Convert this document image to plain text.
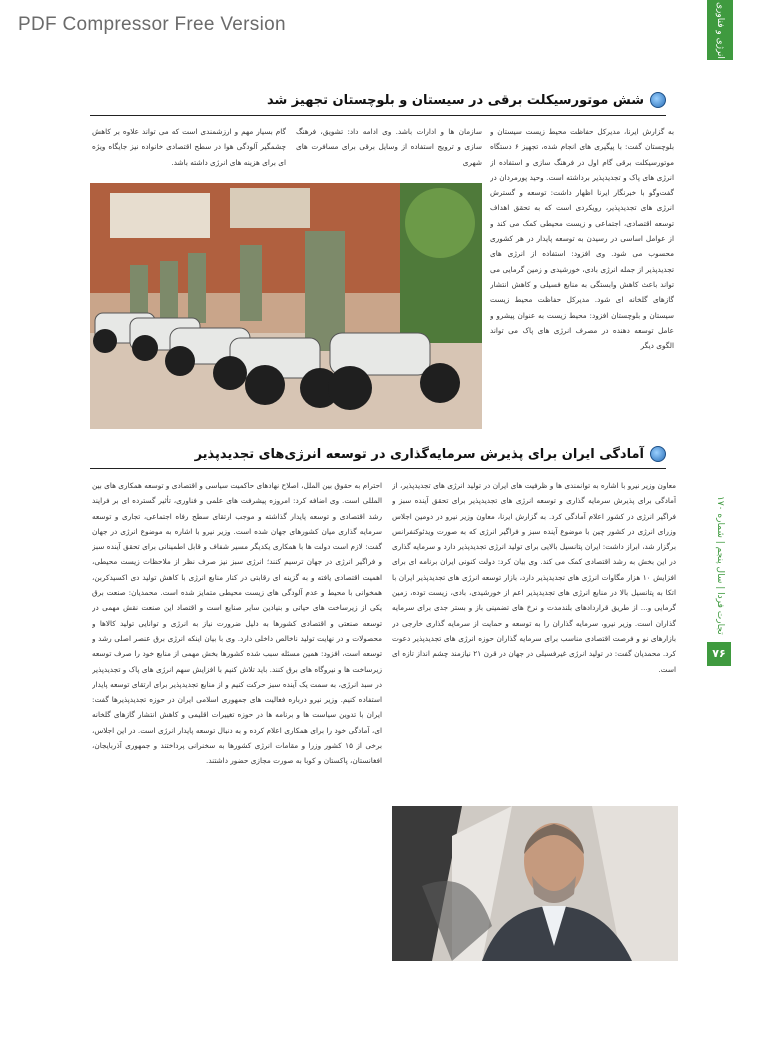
PDF Compressor Free Version	انرژی و فناوری
تجارت فردا | سال پنجم | شماره ۱۷۰
۷۶
شش موتورسیکلت برقی در سیستان و بلوچستان تجهیز شد

به گزارش ایرنا، مدیرکل حفاظت محیط زیست سیستان و بلوچستان گفت: با پیگیری های انجام شده، تجهیز ۶ دستگاه موتورسیکلت برقی گام اول در فرهنگ سازی و استفاده از انرژی های پاک و تجدیدپذیر برداشته است. وحید پورمردان در گفت‌وگو با خبرنگار ایرنا اظهار داشت: توسعه و گسترش انرژی های تجدیدپذیر، رویکردی است که به تحقق اهداف توسعه اقتصادی، اجتماعی و زیست محیطی کمک می کند و از عوامل اساسی در رسیدن به توسعه پایدار در هر کشوری محسوب می شود. وی افزود: استفاده از انرژی های تجدیدپذیر از جمله انرژی بادی، خورشیدی و زمین گرمایی می تواند باعث کاهش وابستگی به منابع فسیلی و کاهش انتشار گازهای گلخانه ای شود. مدیرکل حفاظت محیط زیست سیستان و بلوچستان افزود: محیط زیست به عنوان پیشرو و عامل توسعه دهنده در مصرف انرژی های پاک می تواند الگوی دیگر

سازمان ها و ادارات باشد. وی ادامه داد: تشویق، فرهنگ سازی و ترویج استفاده از وسایل برقی برای مسافرت های شهری

گام بسیار مهم و ارزشمندی است که می تواند علاوه بر کاهش چشمگیر آلودگی هوا در سطح اقتصادی خانواده نیز جایگاه ویژه ای برای هزینه های انرژی داشته باشد.

آمادگی ایران برای پذیرش سرمایه‌گذاری در توسعه انرژی‌های تجدیدپذیر

معاون وزیر نیرو با اشاره به توانمندی ها و ظرفیت های ایران در تولید انرژی های تجدیدپذیر، از آمادگی برای پذیرش سرمایه گذاری و توسعه انرژی های تجدیدپذیر برای تحقق آینده سبز و فراگیر انرژی در کشور اعلام آمادگی کرد. به گزارش ایرنا، معاون وزیر نیرو در دومین اجلاس وزرای انرژی در کشور چین با موضوع آینده سبز و فراگیر انرژی که به صورت ویدئوکنفرانس برگزار شد، ابراز داشت: ایران پتانسیل بالایی برای تولید انرژی تجدیدپذیر دارد و سرمایه گذاری در این بخش به رشد اقتصادی کمک می کند. وی بیان کرد: دولت کنونی ایران برنامه ای برای افزایش ۱۰ هزار مگاوات انرژی های تجدیدپذیر دارد، بازار توسعه انرژی های تجدیدپذیر ایران با اتکا به پتانسیل بالا در منابع انرژی های تجدیدپذیر اعم از خورشیدی، بادی، زیست توده، زمین گرمایی و... از طریق قراردادهای بلندمدت و نرخ های تضمینی باز و بستر جدی برای سرمایه گذاران است. وزیر نیرو، سرمایه گذاران را به توسعه و حمایت از سرمایه گذاری خارجی در بازارهای نو و فرصت اقتصادی مناسب برای سرمایه گذاران حوزه انرژی های تجدیدپذیر دعوت کرد. محمدیان گفت: در تولید انرژی غیرفسیلی در جهان در قرن ۲۱ نیازمند چشم انداز تازه ای است.

احترام به حقوق بین الملل، اصلاح نهادهای حاکمیت سیاسی و اقتصادی و توسعه همکاری های بین المللی است. وی اضافه کرد: امروزه پیشرفت های علمی و فناوری، تأثیر گسترده ای بر فرایند رشد اقتصادی و توسعه پایدار گذاشته و موجب ارتقای سطح رفاه اجتماعی، تجاری و توسعه سرمایه گذاری میان کشورهای جهان شده است. وزیر نیرو با اشاره به موضوع انرژی در جهان گفت: لازم است دولت ها با همکاری یکدیگر مسیر شفاف و قابل اطمینانی برای تحقق آینده سبز و فراگیر انرژی در جهان ترسیم کنند؛ انرژی سبز نیز صرف نظر از ملاحظات زیست محیطی، اهمیت اقتصادی یافته و به گزینه ای رقابتی در کنار منابع انرژی با کاهش تولید دی اکسیدکربن، همخوانی با محیط و عدم آلودگی های زیست محیطی متمایز شده است. محمدیان: صنعت برق یکی از زیرساخت های حیاتی و بنیادین سایر صنایع است و اقتصاد این صنعت نقش مهمی در توسعه صنعتی و اقتصادی کشورها به دلیل ضرورت نیاز به انرژی و توانایی تولید کالاها و محصولات و در نهایت تولید ناخالص داخلی دارد. وی با بیان اینکه انرژی برق عنصر اصلی رشد و توسعه است، افزود: همین مسئله سبب شده کشورها بخش مهمی از منابع خود را صرف توسعه زیرساخت ها و نیروگاه های برق کنند. باید تلاش کنیم با افزایش سهم انرژی های پاک و تجدیدپذیر در سبد انرژی، به سمت یک آینده سبز حرکت کنیم و از منابع تجدیدپذیر برای ارتقای توسعه پایدار استفاده کنیم. وزیر نیرو درباره فعالیت های جمهوری اسلامی ایران در حوزه تجدیدپذیرها گفت: ایران با تدوین سیاست ها و برنامه ها در حوزه تغییرات اقلیمی و کاهش انتشار گازهای گلخانه ای، آمادگی خود را برای همکاری اعلام کرده و به دنبال توسعه پایدار انرژی است. در این اجلاس، برخی از ۱۵ کشور وزرا و مقامات انرژی کشورها به سخنرانی پرداختند و جمهوری آذربایجان، افغانستان، پاکستان و کوبا به صورت مجازی حضور داشتند.
